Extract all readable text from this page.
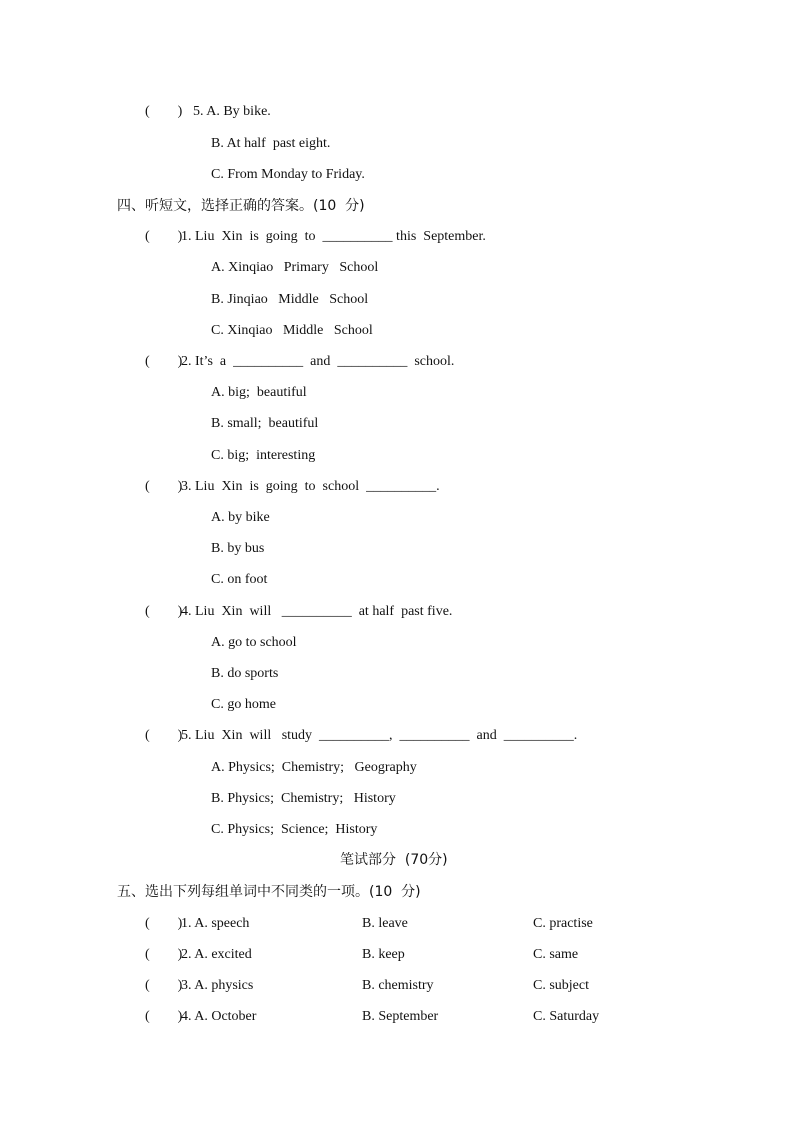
(        ) 5. A. By bike.
B. At half  past eight.
C. From Monday to Friday.
四、听短文，选择正确的答案。(10  分)
(        )
1. Liu  Xin  is  going  to  __________ this  September.
A. Xinqiao   Primary   School
B. Jinqiao   Middle   School
C. Xinqiao   Middle   School
(        )
2. It’s  a  __________  and  __________  school.
A. big;  beautiful
B. small;  beautiful
C. big;  interesting
(        )
3. Liu  Xin  is  going  to  school  __________.
A. by bike
B. by bus
C. on foot
(        )
4. Liu  Xin  will   __________  at half  past five.
A. go to school
B. do sports
C. go home
(        )
5. Liu  Xin  will   study  __________,  __________  and  __________.
A. Physics;  Chemistry;   Geography
B. Physics;  Chemistry;   History
C. Physics;  Science;  History
笔试部分  (70分)
五、选出下列每组单词中不同类的一项。(10  分)
(        )
1. A. speech	B. leave	C. practise
(        )
2. A. excited	B. keep	C. same
(        )
3. A. physics	B. chemistry	C. subject
(        )
4. A. October	B. September	C. Saturday
